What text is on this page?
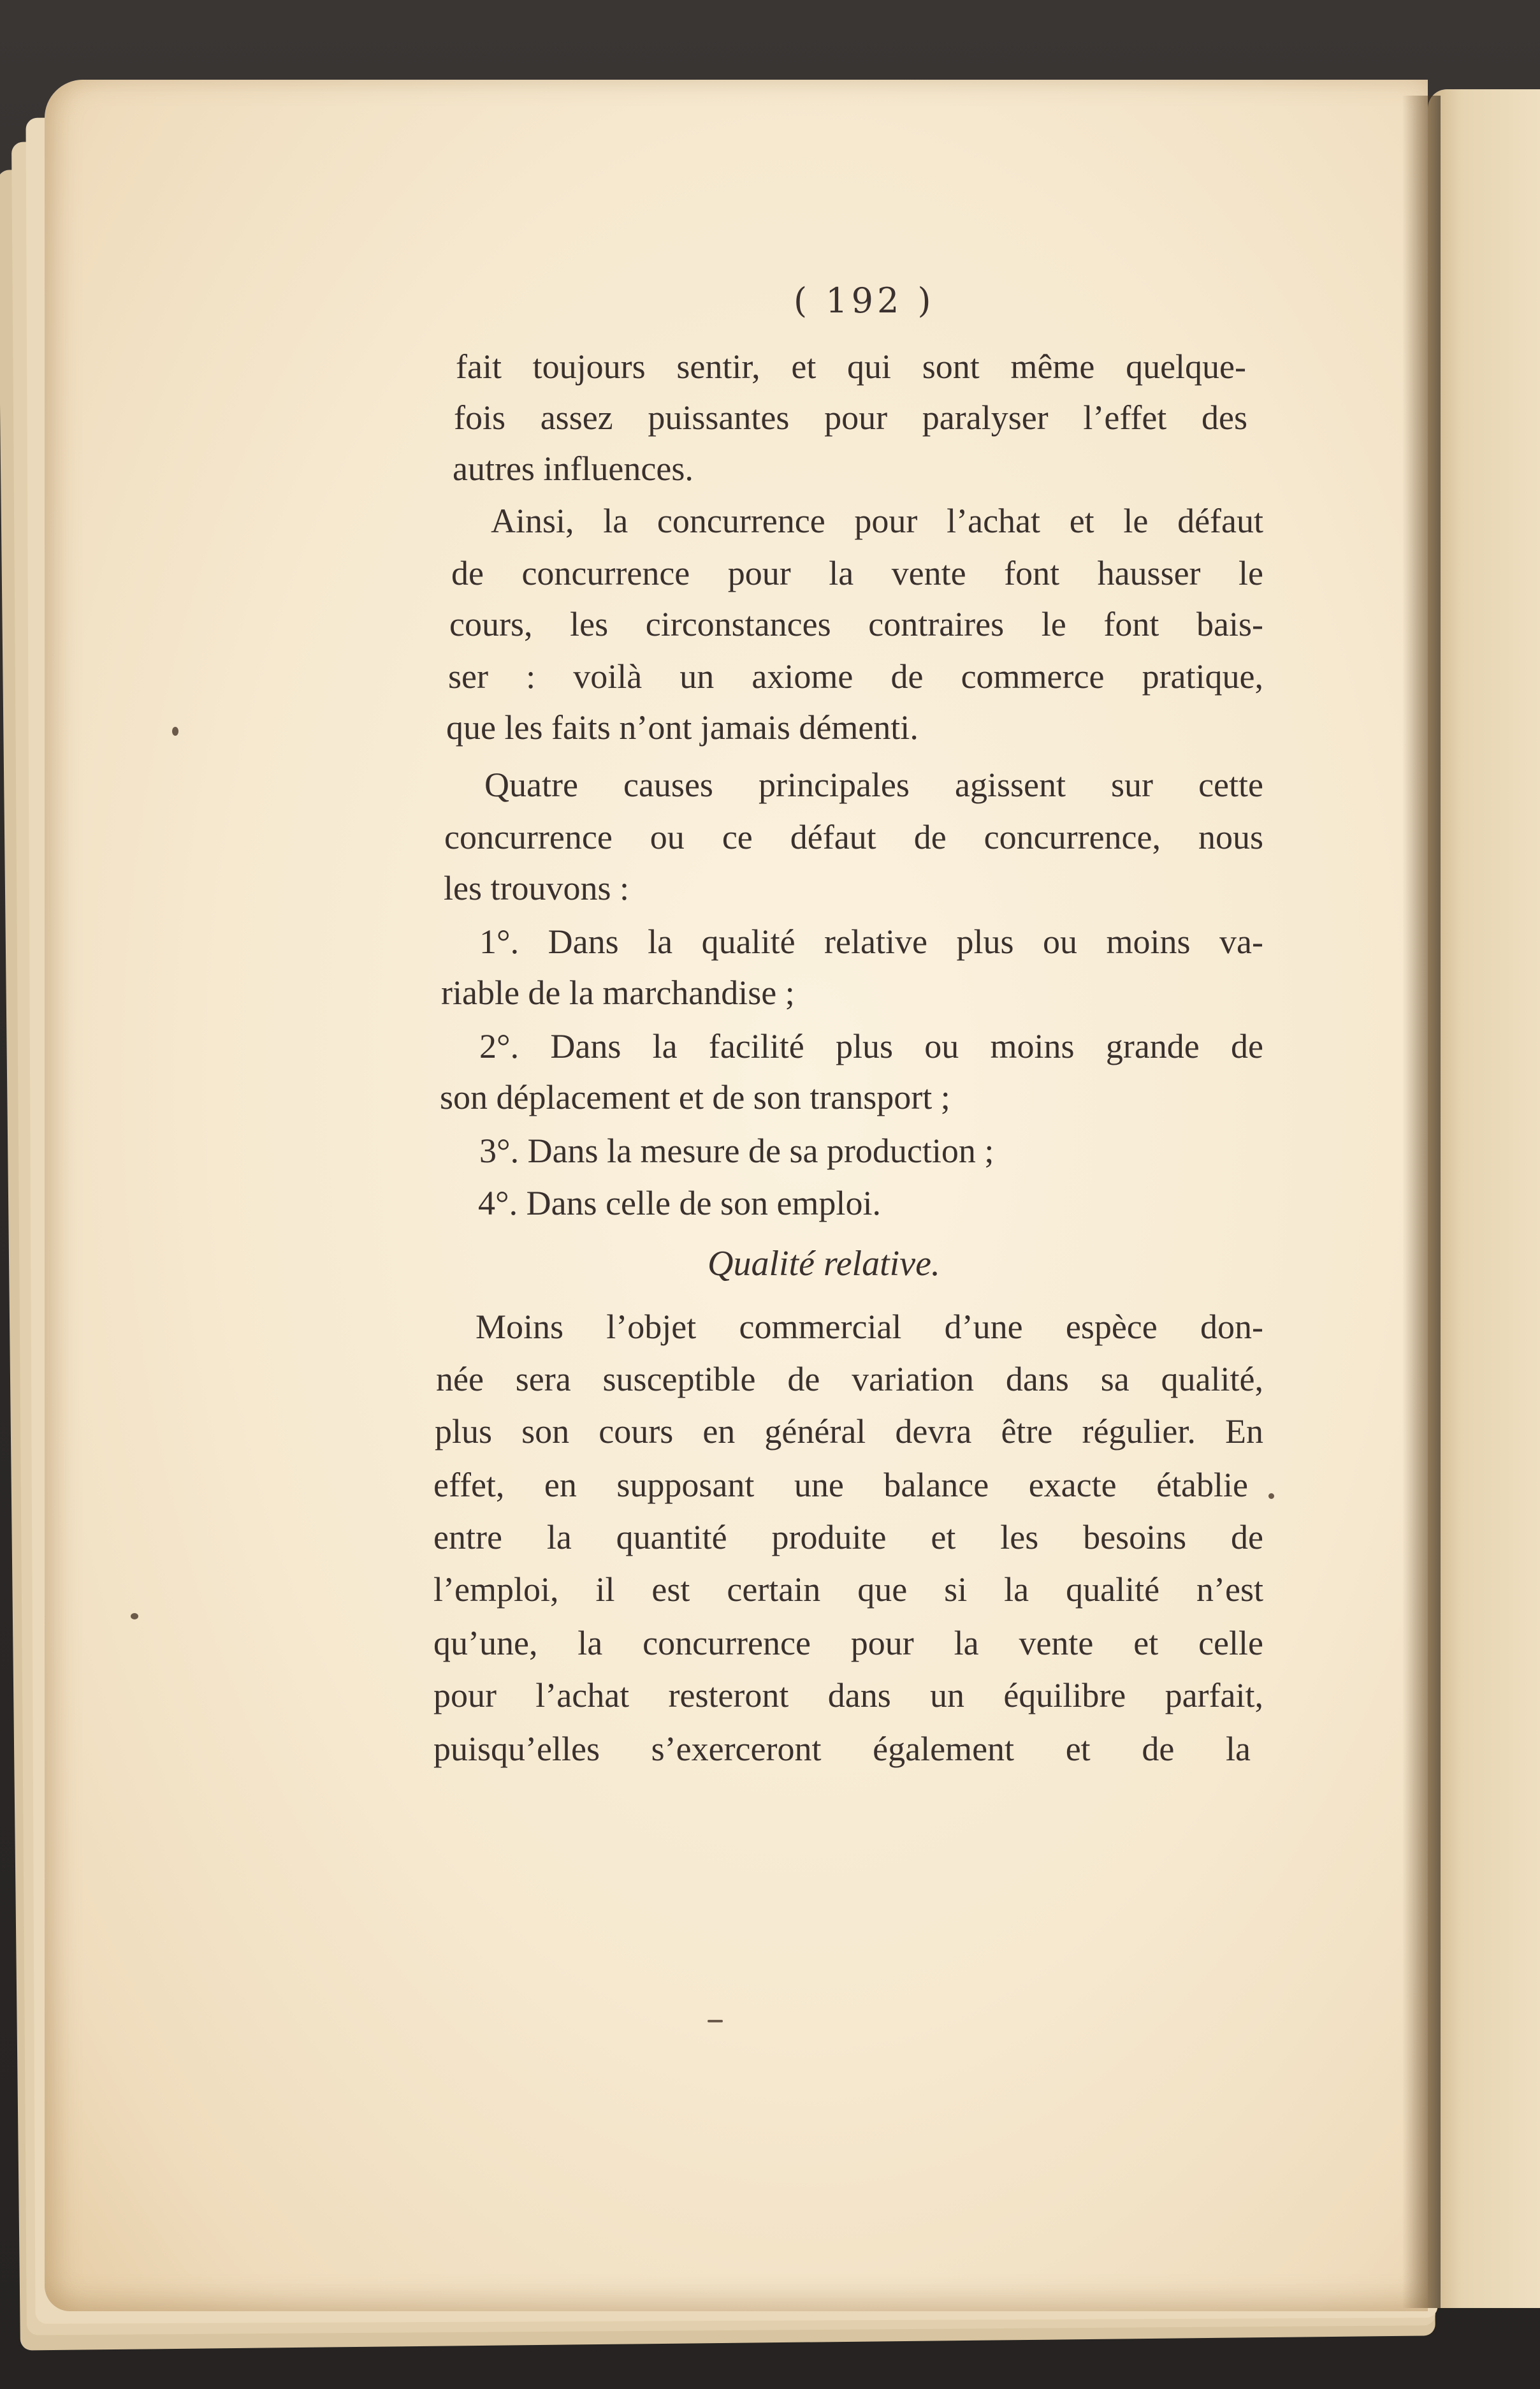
( 192 )
fait toujours sentir, et qui sont même quelque-
fois assez puissantes pour paralyser l’effet des
autres influences.
Ainsi, la concurrence pour l’achat et le défaut
de concurrence pour la vente font hausser le
cours, les circonstances contraires le font bais-
ser : voilà un axiome de commerce pratique,
que les faits n’ont jamais démenti.
Quatre causes principales agissent sur cette
concurrence ou ce défaut de concurrence, nous
les trouvons :
1°. Dans la qualité relative plus ou moins va-
riable de la marchandise ;
2°. Dans la facilité plus ou moins grande de
son déplacement et de son transport ;
3°. Dans la mesure de sa production ;
4°. Dans celle de son emploi.
Qualité relative.
Moins l’objet commercial d’une espèce don-
née sera susceptible de variation dans sa qualité,
plus son cours en général devra être régulier. En
effet, en supposant une balance exacte établie
entre la quantité produite et les besoins de
l’emploi, il est certain que si la qualité n’est
qu’une, la concurrence pour la vente et celle
pour l’achat resteront dans un équilibre parfait,
puisqu’elles s’exerceront également et de la
